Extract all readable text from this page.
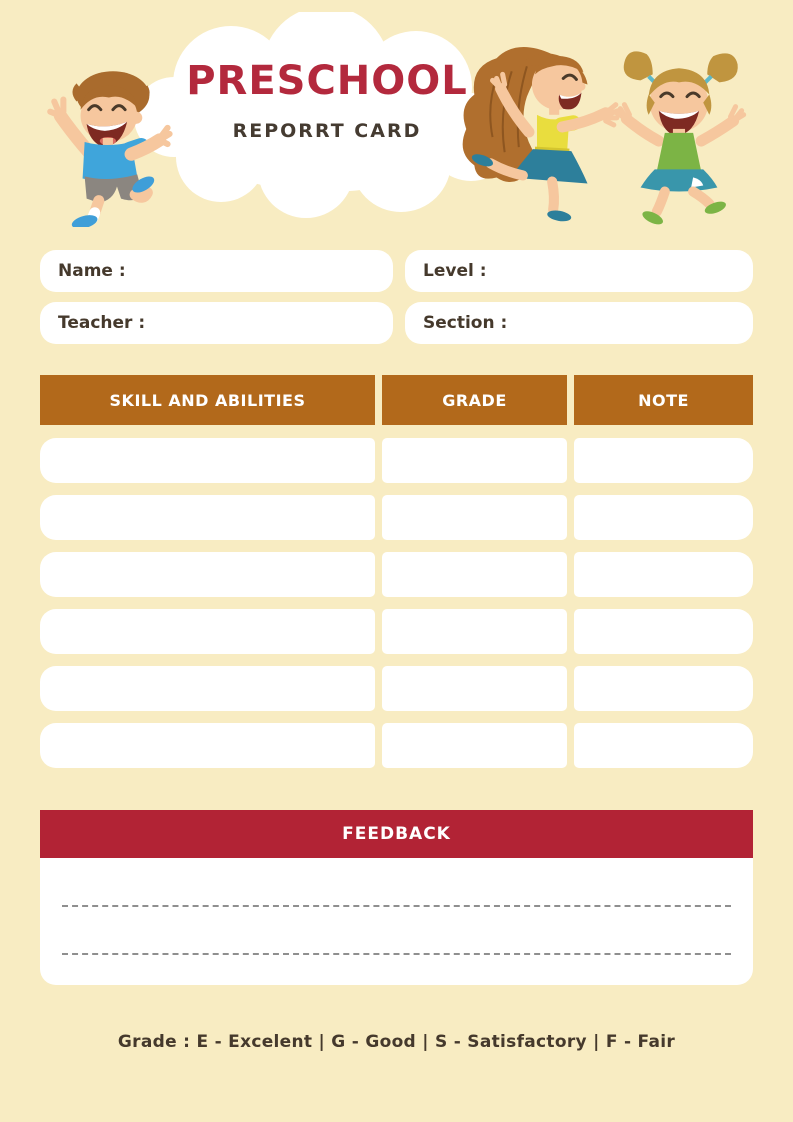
PRESCHOOL
REPORRT CARD
Name :	Level :
Teacher :	Section :
SKILL AND ABILITIES	GRADE	NOTE
FEEDBACK
Grade : E - Excelent | G - Good | S - Satisfactory | F - Fair
